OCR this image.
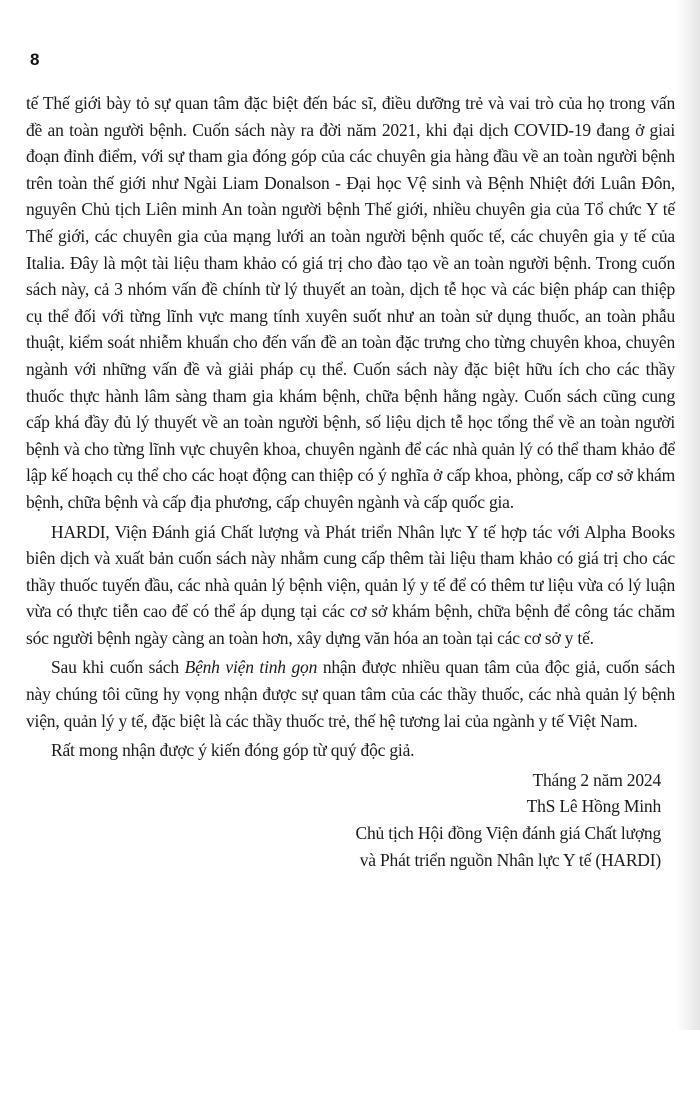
8

tế Thế giới bày tỏ sự quan tâm đặc biệt đến bác sĩ, điều dưỡng trẻ và vai trò của họ trong vấn đề an toàn người bệnh. Cuốn sách này ra đời năm 2021, khi đại dịch COVID-19 đang ở giai đoạn đỉnh điểm, với sự tham gia đóng góp của các chuyên gia hàng đầu về an toàn người bệnh trên toàn thế giới như Ngài Liam Donalson - Đại học Vệ sinh và Bệnh Nhiệt đới Luân Đôn, nguyên Chủ tịch Liên minh An toàn người bệnh Thế giới, nhiều chuyên gia của Tổ chức Y tế Thế giới, các chuyên gia của mạng lưới an toàn người bệnh quốc tế, các chuyên gia y tế của Italia. Đây là một tài liệu tham khảo có giá trị cho đào tạo về an toàn người bệnh. Trong cuốn sách này, cả 3 nhóm vấn đề chính từ lý thuyết an toàn, dịch tễ học và các biện pháp can thiệp cụ thể đối với từng lĩnh vực mang tính xuyên suốt như an toàn sử dụng thuốc, an toàn phẫu thuật, kiểm soát nhiễm khuẩn cho đến vấn đề an toàn đặc trưng cho từng chuyên khoa, chuyên ngành với những vấn đề và giải pháp cụ thể. Cuốn sách này đặc biệt hữu ích cho các thầy thuốc thực hành lâm sàng tham gia khám bệnh, chữa bệnh hằng ngày. Cuốn sách cũng cung cấp khá đầy đủ lý thuyết về an toàn người bệnh, số liệu dịch tễ học tổng thể về an toàn người bệnh và cho từng lĩnh vực chuyên khoa, chuyên ngành để các nhà quản lý có thể tham khảo để lập kế hoạch cụ thể cho các hoạt động can thiệp có ý nghĩa ở cấp khoa, phòng, cấp cơ sở khám bệnh, chữa bệnh và cấp địa phương, cấp chuyên ngành và cấp quốc gia.

HARDI, Viện Đánh giá Chất lượng và Phát triển Nhân lực Y tế hợp tác với Alpha Books biên dịch và xuất bản cuốn sách này nhằm cung cấp thêm tài liệu tham khảo có giá trị cho các thầy thuốc tuyến đầu, các nhà quản lý bệnh viện, quản lý y tế để có thêm tư liệu vừa có lý luận vừa có thực tiễn cao để có thể áp dụng tại các cơ sở khám bệnh, chữa bệnh để công tác chăm sóc người bệnh ngày càng an toàn hơn, xây dựng văn hóa an toàn tại các cơ sở y tế.

Sau khi cuốn sách Bệnh viện tinh gọn nhận được nhiều quan tâm của độc giả, cuốn sách này chúng tôi cũng hy vọng nhận được sự quan tâm của các thầy thuốc, các nhà quản lý bệnh viện, quản lý y tế, đặc biệt là các thầy thuốc trẻ, thế hệ tương lai của ngành y tế Việt Nam.

Rất mong nhận được ý kiến đóng góp từ quý độc giả.

Tháng 2 năm 2024
ThS Lê Hồng Minh
Chủ tịch Hội đồng Viện đánh giá Chất lượng
và Phát triển nguồn Nhân lực Y tế (HARDI)
